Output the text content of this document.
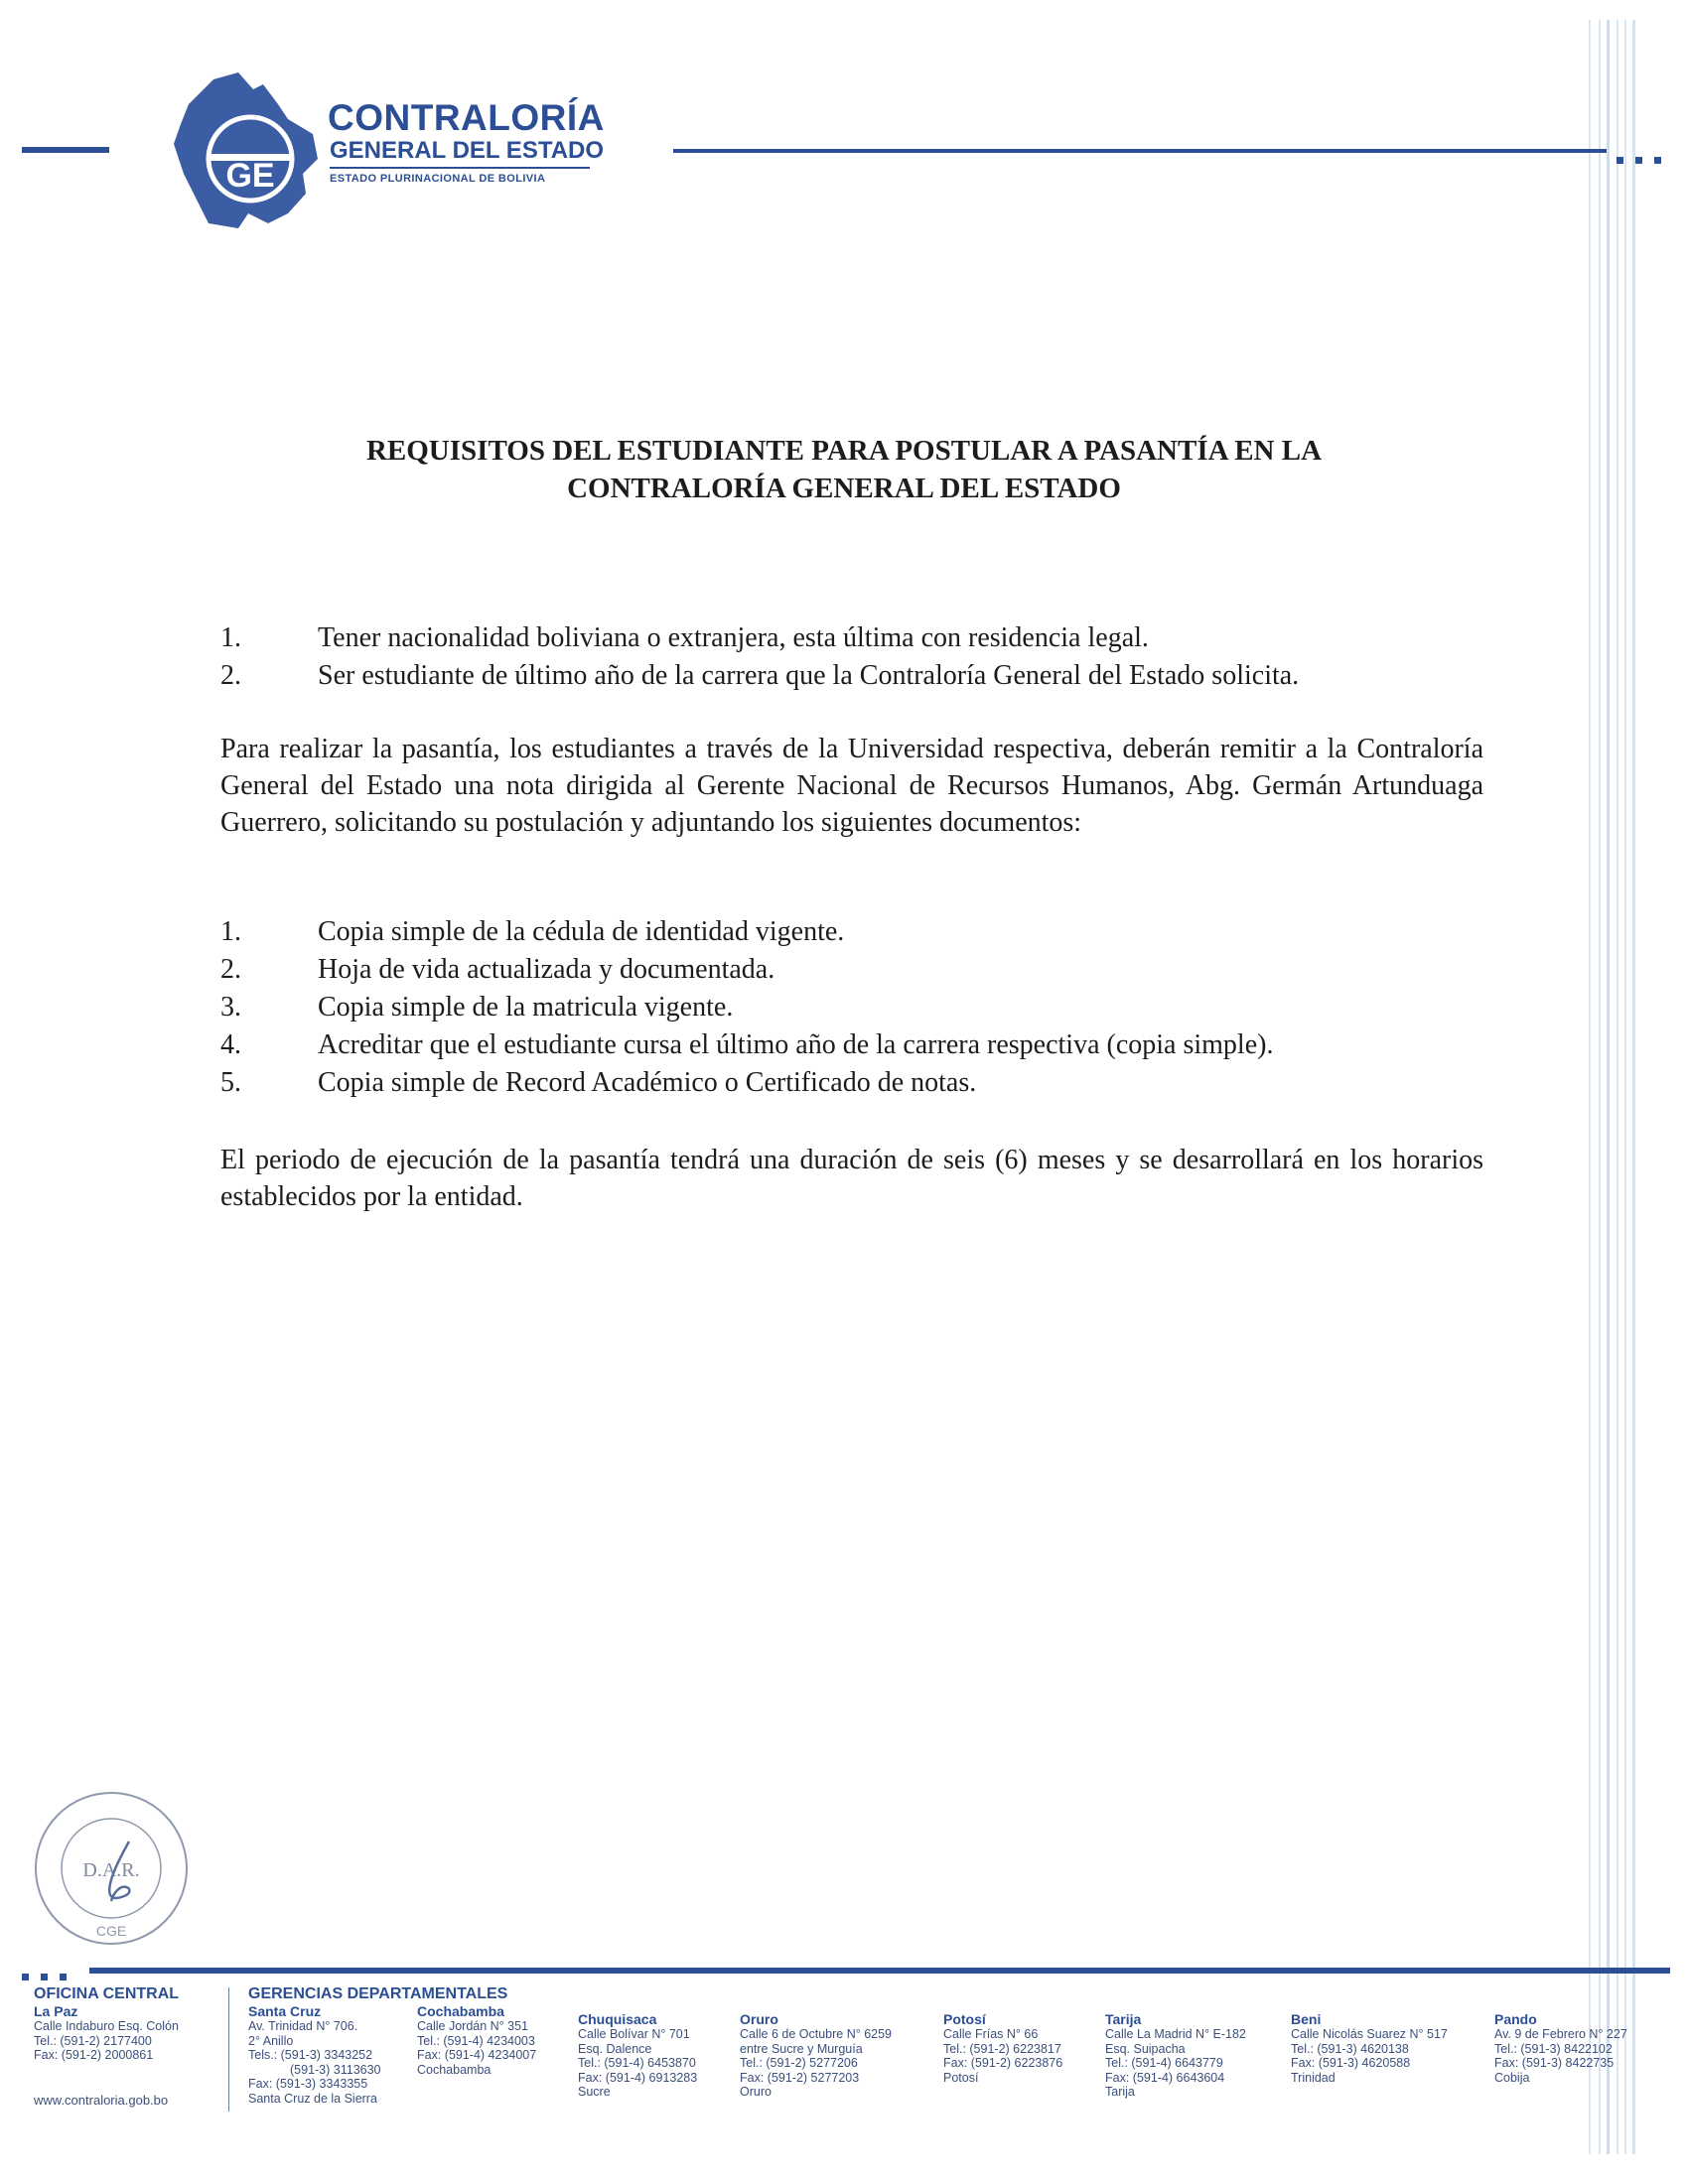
GE
CONTRALORÍA
GENERAL DEL ESTADO
ESTADO PLURINACIONAL DE BOLIVIA
REQUISITOS DEL ESTUDIANTE PARA POSTULAR A PASANTÍA EN LA
CONTRALORÍA GENERAL DEL ESTADO
1.	Tener nacionalidad boliviana o extranjera, esta última con residencia legal.
2.	Ser estudiante de último año de la carrera que la Contraloría General del Estado solicita.

Para realizar la pasantía, los estudiantes a través de la Universidad respectiva, deberán remitir a la Contraloría General del Estado una nota dirigida al Gerente Nacional de Recursos Humanos, Abg. Germán Artunduaga Guerrero, solicitando su postulación y adjuntando los siguientes documentos:

1.	Copia simple de la cédula de identidad vigente.
2.	Hoja de vida actualizada y documentada.
3.	Copia simple de la matricula vigente.
4.	Acreditar que el estudiante cursa el último año de la carrera respectiva (copia simple).
5.	Copia simple de Record Académico o Certificado de notas.

El periodo de ejecución de la pasantía tendrá una duración de seis (6) meses y se desarrollará en los horarios establecidos por la entidad.

D.A.R.
CGE
OFICINA CENTRAL	GERENCIAS DEPARTAMENTALES
La Paz
Calle Indaburo Esq. Colón
Tel.: (591-2) 2177400
Fax: (591-2) 2000861
www.contraloria.gob.bo
Santa Cruz
Av. Trinidad N° 706.
2° Anillo
Tels.: (591-3) 3343252
(591-3) 3113630
Fax: (591-3) 3343355
Santa Cruz de la Sierra
Cochabamba
Calle Jordán N° 351
Tel.: (591-4) 4234003
Fax: (591-4) 4234007
Cochabamba
Chuquisaca
Calle Bolívar N° 701
Esq. Dalence
Tel.: (591-4) 6453870
Fax: (591-4) 6913283
Sucre
Oruro
Calle 6 de Octubre N° 6259
entre Sucre y Murguía
Tel.: (591-2) 5277206
Fax: (591-2) 5277203
Oruro
Potosí
Calle Frías N° 66
Tel.: (591-2) 6223817
Fax: (591-2) 6223876
Potosí
Tarija
Calle La Madrid N° E-182
Esq. Suipacha
Tel.: (591-4) 6643779
Fax: (591-4) 6643604
Tarija
Beni
Calle Nicolás Suarez N° 517
Tel.: (591-3) 4620138
Fax: (591-3) 4620588
Trinidad
Pando
Av. 9 de Febrero N° 227
Tel.: (591-3) 8422102
Fax: (591-3) 8422735
Cobija
